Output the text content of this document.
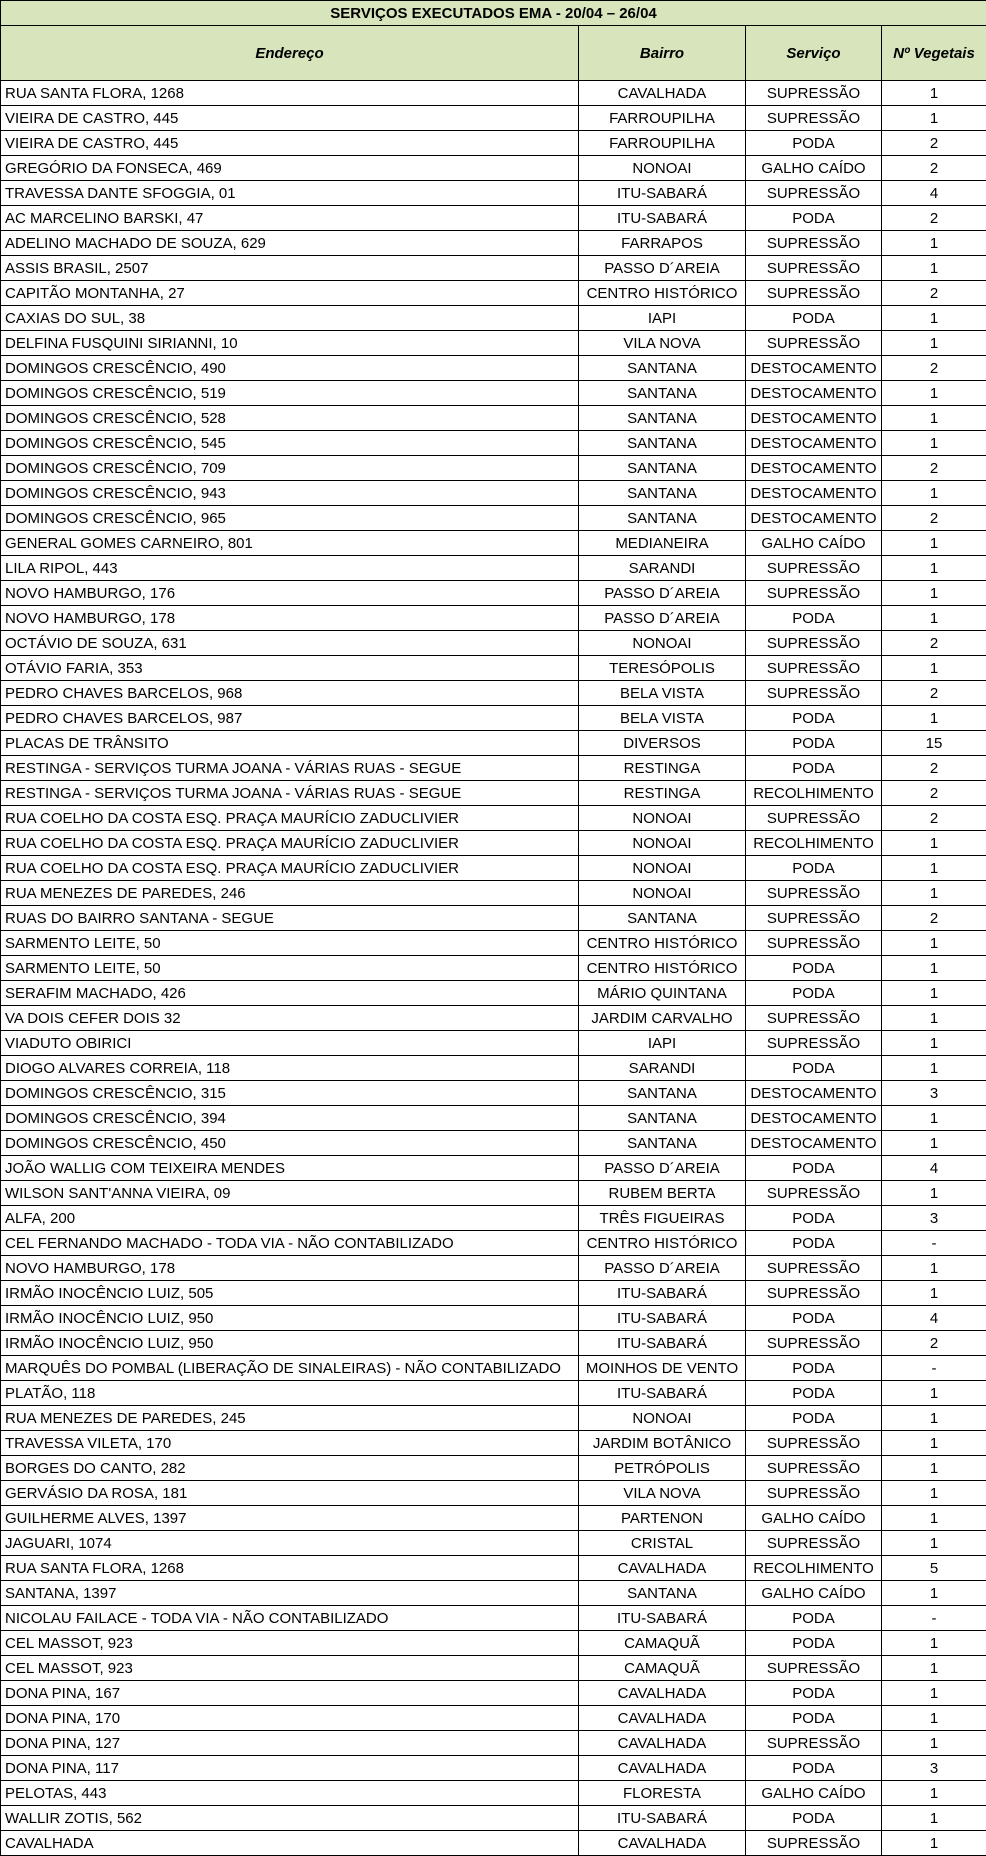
SERVIÇOS EXECUTADOS EMA - 20/04 – 26/04			
Endereço	Bairro	Serviço	Nº Vegetais
RUA SANTA FLORA, 1268	CAVALHADA	SUPRESSÃO	1
VIEIRA DE CASTRO, 445	FARROUPILHA	SUPRESSÃO	1
VIEIRA DE CASTRO, 445	FARROUPILHA	PODA	2
GREGÓRIO DA FONSECA, 469	NONOAI	GALHO CAÍDO	2
TRAVESSA DANTE SFOGGIA, 01	ITU-SABARÁ	SUPRESSÃO	4
AC MARCELINO BARSKI, 47	ITU-SABARÁ	PODA	2
ADELINO MACHADO DE SOUZA, 629	FARRAPOS	SUPRESSÃO	1
ASSIS BRASIL, 2507	PASSO D´AREIA	SUPRESSÃO	1
CAPITÃO MONTANHA, 27	CENTRO HISTÓRICO	SUPRESSÃO	2
CAXIAS DO SUL, 38	IAPI	PODA	1
DELFINA FUSQUINI SIRIANNI, 10	VILA NOVA	SUPRESSÃO	1
DOMINGOS CRESCÊNCIO, 490	SANTANA	DESTOCAMENTO	2
DOMINGOS CRESCÊNCIO, 519	SANTANA	DESTOCAMENTO	1
DOMINGOS CRESCÊNCIO, 528	SANTANA	DESTOCAMENTO	1
DOMINGOS CRESCÊNCIO, 545	SANTANA	DESTOCAMENTO	1
DOMINGOS CRESCÊNCIO, 709	SANTANA	DESTOCAMENTO	2
DOMINGOS CRESCÊNCIO, 943	SANTANA	DESTOCAMENTO	1
DOMINGOS CRESCÊNCIO, 965	SANTANA	DESTOCAMENTO	2
GENERAL GOMES CARNEIRO, 801	MEDIANEIRA	GALHO CAÍDO	1
LILA RIPOL, 443	SARANDI	SUPRESSÃO	1
NOVO HAMBURGO, 176	PASSO D´AREIA	SUPRESSÃO	1
NOVO HAMBURGO, 178	PASSO D´AREIA	PODA	1
OCTÁVIO DE SOUZA, 631	NONOAI	SUPRESSÃO	2
OTÁVIO FARIA, 353	TERESÓPOLIS	SUPRESSÃO	1
PEDRO CHAVES BARCELOS, 968	BELA VISTA	SUPRESSÃO	2
PEDRO CHAVES BARCELOS, 987	BELA VISTA	PODA	1
PLACAS DE TRÂNSITO	DIVERSOS	PODA	15
RESTINGA - SERVIÇOS TURMA JOANA - VÁRIAS RUAS - SEGUE	RESTINGA	PODA	2
RESTINGA - SERVIÇOS TURMA JOANA - VÁRIAS RUAS - SEGUE	RESTINGA	RECOLHIMENTO	2
RUA COELHO DA COSTA ESQ. PRAÇA MAURÍCIO ZADUCLIVIER	NONOAI	SUPRESSÃO	2
RUA COELHO DA COSTA ESQ. PRAÇA MAURÍCIO ZADUCLIVIER	NONOAI	RECOLHIMENTO	1
RUA COELHO DA COSTA ESQ. PRAÇA MAURÍCIO ZADUCLIVIER	NONOAI	PODA	1
RUA MENEZES DE PAREDES, 246	NONOAI	SUPRESSÃO	1
RUAS DO BAIRRO SANTANA - SEGUE	SANTANA	SUPRESSÃO	2
SARMENTO LEITE, 50	CENTRO HISTÓRICO	SUPRESSÃO	1
SARMENTO LEITE, 50	CENTRO HISTÓRICO	PODA	1
SERAFIM MACHADO, 426	MÁRIO QUINTANA	PODA	1
VA DOIS CEFER DOIS 32	JARDIM CARVALHO	SUPRESSÃO	1
VIADUTO OBIRICI	IAPI	SUPRESSÃO	1
DIOGO ALVARES CORREIA, 118	SARANDI	PODA	1
DOMINGOS CRESCÊNCIO, 315	SANTANA	DESTOCAMENTO	3
DOMINGOS CRESCÊNCIO, 394	SANTANA	DESTOCAMENTO	1
DOMINGOS CRESCÊNCIO, 450	SANTANA	DESTOCAMENTO	1
JOÃO WALLIG COM TEIXEIRA MENDES	PASSO D´AREIA	PODA	4
WILSON SANT'ANNA VIEIRA, 09	RUBEM BERTA	SUPRESSÃO	1
ALFA, 200	TRÊS FIGUEIRAS	PODA	3
CEL FERNANDO MACHADO - TODA VIA - NÃO CONTABILIZADO	CENTRO HISTÓRICO	PODA	-
NOVO HAMBURGO, 178	PASSO D´AREIA	SUPRESSÃO	1
IRMÃO INOCÊNCIO LUIZ, 505	ITU-SABARÁ	SUPRESSÃO	1
IRMÃO INOCÊNCIO LUIZ, 950	ITU-SABARÁ	PODA	4
IRMÃO INOCÊNCIO LUIZ, 950	ITU-SABARÁ	SUPRESSÃO	2
MARQUÊS DO POMBAL (LIBERAÇÃO DE SINALEIRAS) - NÃO CONTABILIZADO	MOINHOS DE VENTO	PODA	-
PLATÃO, 118	ITU-SABARÁ	PODA	1
RUA MENEZES DE PAREDES, 245	NONOAI	PODA	1
TRAVESSA VILETA, 170	JARDIM BOTÂNICO	SUPRESSÃO	1
BORGES DO CANTO, 282	PETRÓPOLIS	SUPRESSÃO	1
GERVÁSIO DA ROSA, 181	VILA NOVA	SUPRESSÃO	1
GUILHERME ALVES, 1397	PARTENON	GALHO CAÍDO	1
JAGUARI, 1074	CRISTAL	SUPRESSÃO	1
RUA SANTA FLORA, 1268	CAVALHADA	RECOLHIMENTO	5
SANTANA, 1397	SANTANA	GALHO CAÍDO	1
NICOLAU FAILACE - TODA VIA - NÃO CONTABILIZADO	ITU-SABARÁ	PODA	-
CEL MASSOT, 923	CAMAQUÃ	PODA	1
CEL MASSOT, 923	CAMAQUÃ	SUPRESSÃO	1
DONA PINA, 167	CAVALHADA	PODA	1
DONA PINA, 170	CAVALHADA	PODA	1
DONA PINA, 127	CAVALHADA	SUPRESSÃO	1
DONA PINA, 117	CAVALHADA	PODA	3
PELOTAS, 443	FLORESTA	GALHO CAÍDO	1
WALLIR ZOTIS, 562	ITU-SABARÁ	PODA	1
CAVALHADA	CAVALHADA	SUPRESSÃO	1
